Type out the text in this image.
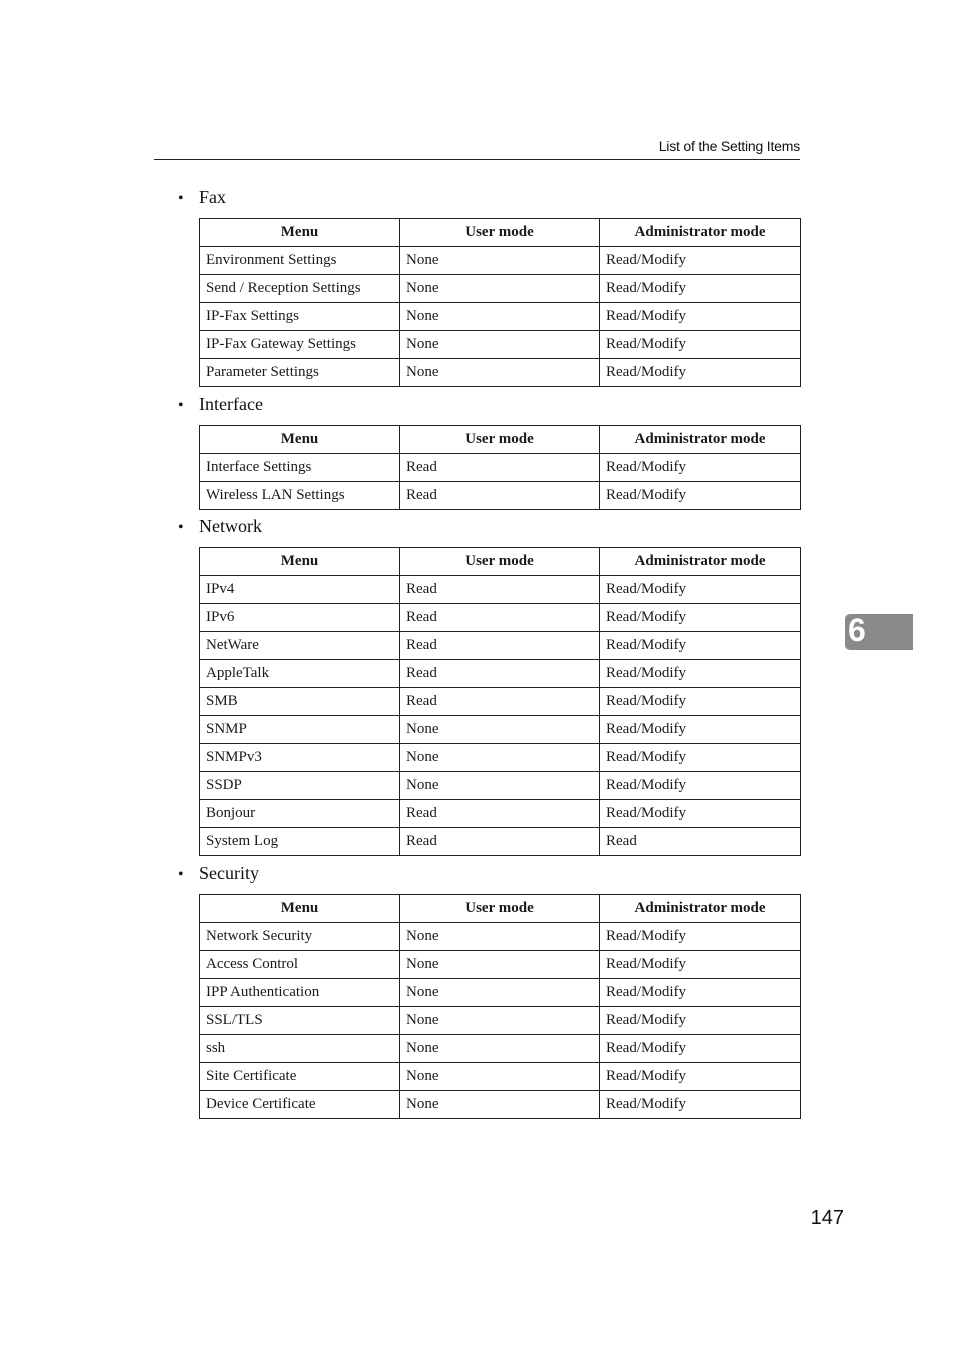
List of the Setting Items
• Fax
Menu	User mode	Administrator mode
Environment Settings	None	Read/Modify
Send / Reception Settings	None	Read/Modify
IP-Fax Settings	None	Read/Modify
IP-Fax Gateway Settings	None	Read/Modify
Parameter Settings	None	Read/Modify
• Interface
Menu	User mode	Administrator mode
Interface Settings	Read	Read/Modify
Wireless LAN Settings	Read	Read/Modify
• Network
Menu	User mode	Administrator mode
IPv4	Read	Read/Modify
IPv6	Read	Read/Modify
NetWare	Read	Read/Modify
AppleTalk	Read	Read/Modify
SMB	Read	Read/Modify
SNMP	None	Read/Modify
SNMPv3	None	Read/Modify
SSDP	None	Read/Modify
Bonjour	Read	Read/Modify
System Log	Read	Read
• Security
Menu	User mode	Administrator mode
Network Security	None	Read/Modify
Access Control	None	Read/Modify
IPP Authentication	None	Read/Modify
SSL/TLS	None	Read/Modify
ssh	None	Read/Modify
Site Certificate	None	Read/Modify
Device Certificate	None	Read/Modify
6
147
